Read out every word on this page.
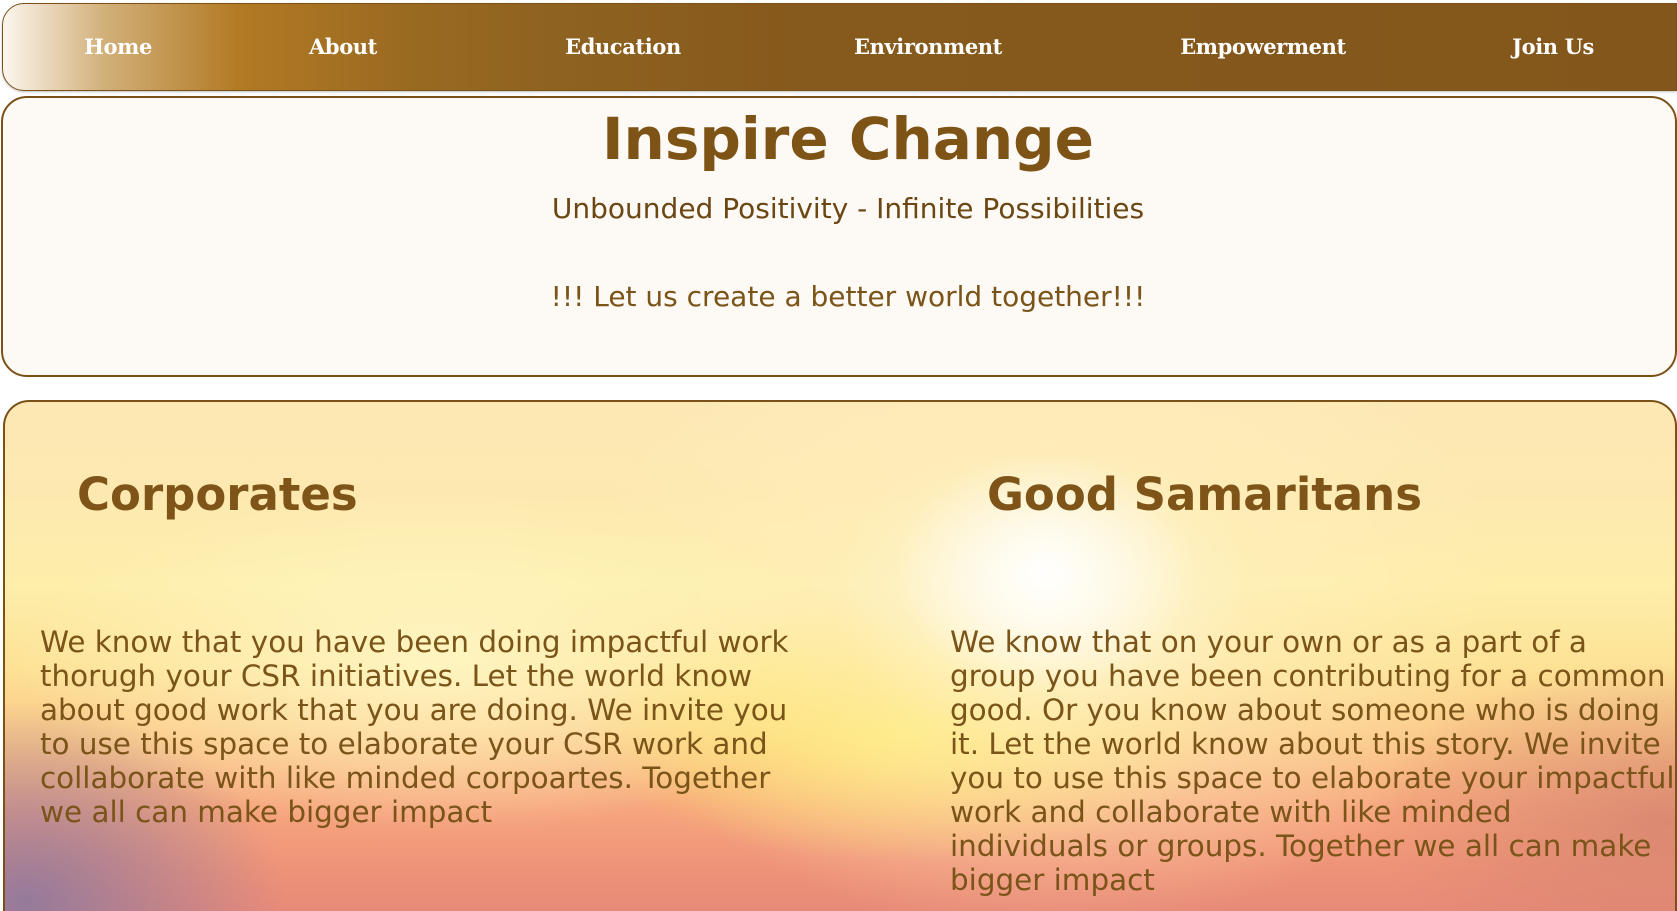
Home	About	Education	Environment	Empowerment	Join Us
Inspire Change

Unbounded Positivity - Infinite Possibilities

!!! Let us create a better world together!!!

Corporates

We know that you have been doing impactful work thorugh your CSR initiatives. Let the world know about good work that you are doing. We invite you to use this space to elaborate your CSR work and collaborate with like minded corpoartes. Together we all can make bigger impact

Good Samaritans

We know that on your own or as a part of a group you have been contributing for a common good. Or you know about someone who is doing it. Let the world know about this story. We invite you to use this space to elaborate your impactful work and collaborate with like minded individuals or groups. Together we all can make bigger impact
